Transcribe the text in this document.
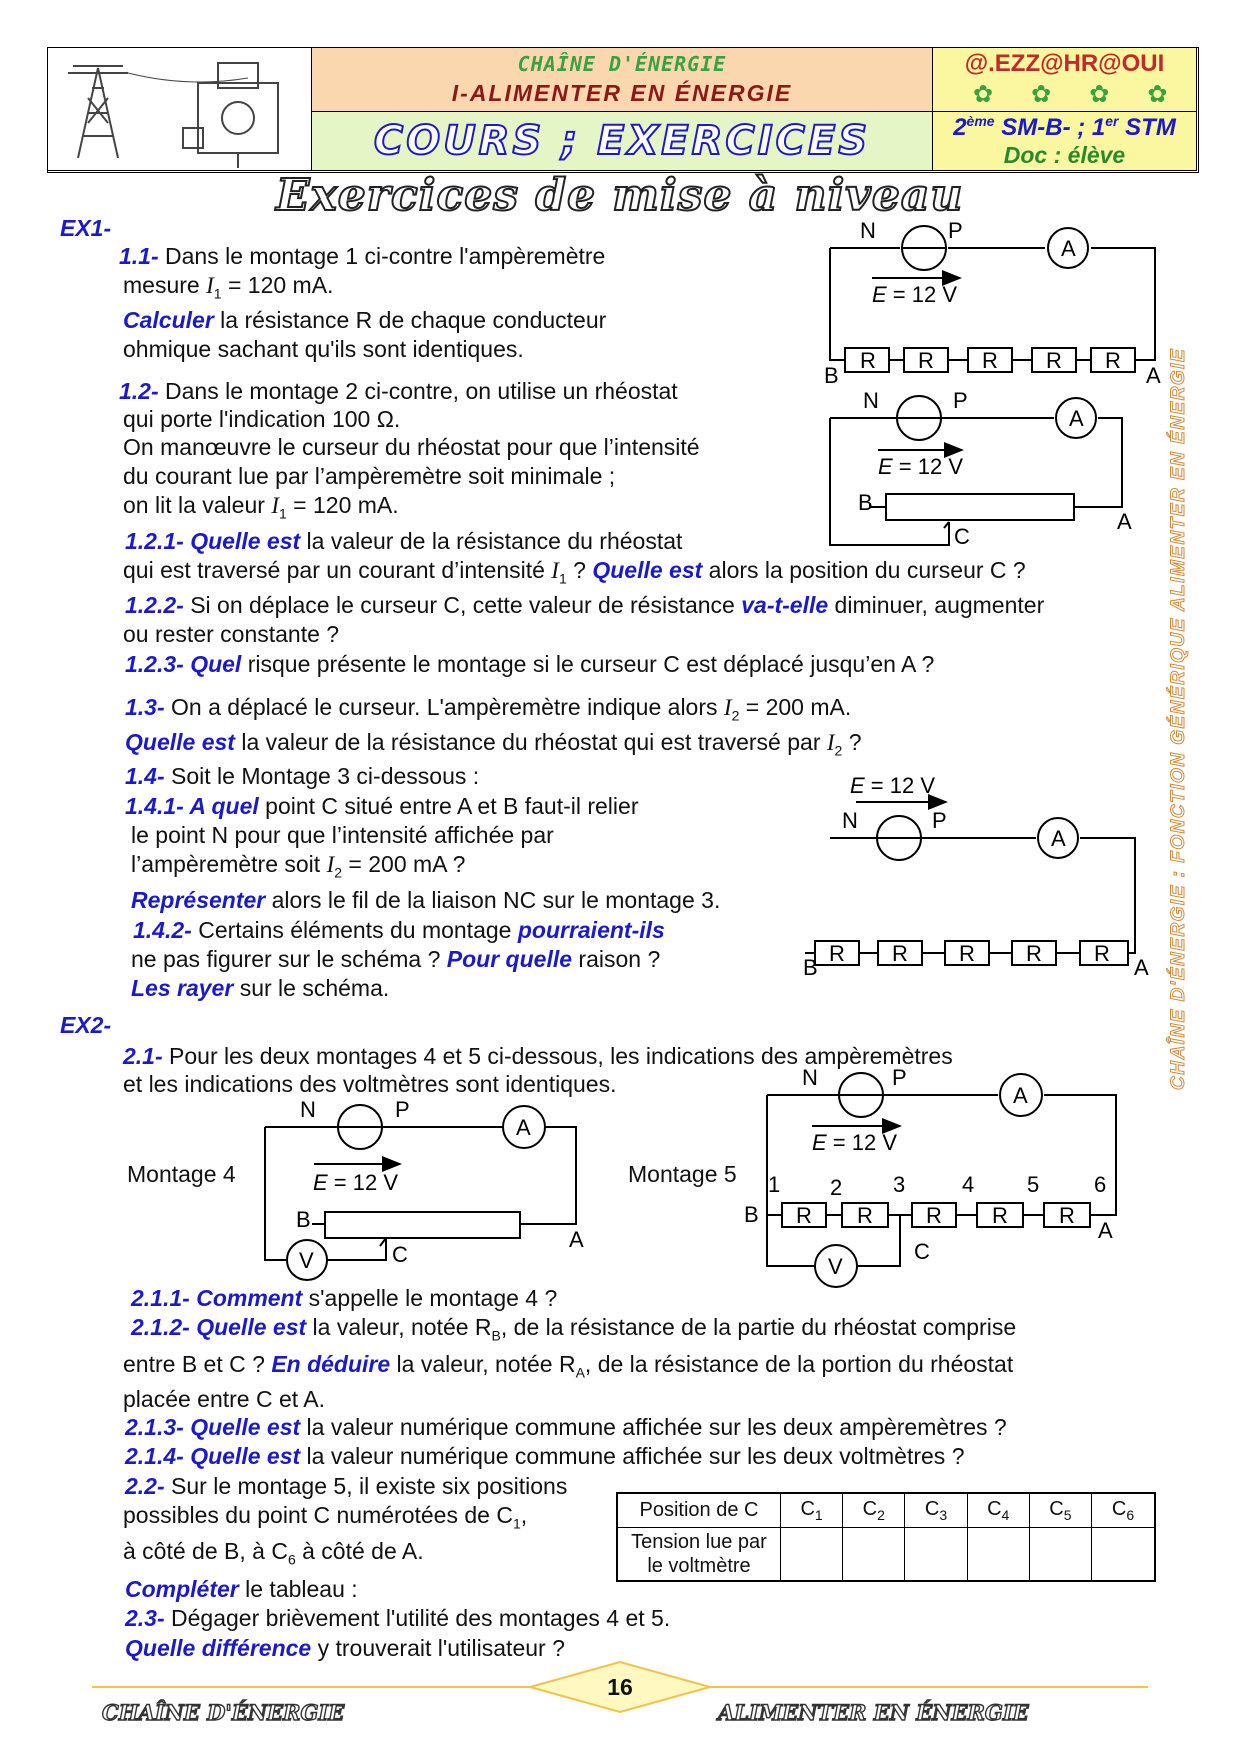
CHAÎNE D'ÉNERGIE
I-ALIMENTER EN ÉNERGIE
COURS ; EXERCICES
@.EZZ@HR@OUI
✿✿✿✿
2ème SM-B- ; 1er STM
Doc : élève
Exercices de mise à niveau
CHAÎNE D'ÉNERGIE : FONCTION GÉNÉRIQUE ALIMENTER EN ÉNERGIE
EX1-
1.1- Dans le montage 1 ci-contre l'ampèremètre
mesure $I_1 = 120$ mA.
Calculer la résistance R de chaque conducteur
ohmique sachant qu'ils sont identiques.
1.2- Dans le montage 2 ci-contre, on utilise un rhéostat
qui porte l'indication 100 Ω.
On manœuvre le curseur du rhéostat pour que l’intensité
du courant lue par l’ampèremètre soit minimale ;
on lit la valeur $I_1 = 120$ mA.
1.2.1- Quelle est la valeur de la résistance du rhéostat
qui est traversé par un courant d’intensité $I_1$ ? Quelle est alors la position du curseur C ?
1.2.2- Si on déplace le curseur C, cette valeur de résistance va-t-elle diminuer, augmenter
ou rester constante ?
1.2.3- Quel risque présente le montage si le curseur C est déplacé jusqu’en A ?
1.3- On a déplacé le curseur. L'ampèremètre indique alors $I_2 = 200$ mA.
Quelle est la valeur de la résistance du rhéostat qui est traversé par $I_2$ ?
1.4- Soit le Montage 3 ci-dessous :
1.4.1- A quel point C situé entre A et B faut-il relier
le point N pour que l’intensité affichée par
l’ampèremètre soit $I_2 = 200$ mA ?
Représenter alors le fil de la liaison NC sur le montage 3.
1.4.2- Certains éléments du montage pourraient-ils
ne pas figurer sur le schéma ? Pour quelle raison ?
Les rayer sur le schéma.
EX2-
2.1- Pour les deux montages 4 et 5 ci-dessous, les indications des ampèremètres
et les indications des voltmètres sont identiques.
Montage 4	Montage 5
2.1.1- Comment s'appelle le montage 4 ?
2.1.2- Quelle est la valeur, notée $R_B$, de la résistance de la partie du rhéostat comprise
entre B et C ? En déduire la valeur, notée $R_A$, de la résistance de la portion du rhéostat
placée entre C et A.
2.1.3- Quelle est la valeur numérique commune affichée sur les deux ampèremètres ?
2.1.4- Quelle est la valeur numérique commune affichée sur les deux voltmètres ?
2.2- Sur le montage 5, il existe six positions
possibles du point C numérotées de $C_1$,
à côté de B, à $C_6$ à côté de A.
Compléter le tableau :
2.3- Dégager brièvement l'utilité des montages 4 et 5.
Quelle différence y trouverait l'utilisateur ?
Position de C	$C_1$	$C_2$	$C_3$	$C_4$	$C_5$	$C_6$
Tension lue par
le voltmètre						
N	P
A
E = 12 V
B	A
R R R R R
N	P
A
E = 12 V
B
A
C
E = 12 V
N	P
A
B	A
R R R R R
N	P
A
E = 12 V
B
A
C
V
N	P
A
E = 12 V
1 2 3	4 5 6
B
A
C
V
R R R R R
CHAÎNE D'ÉNERGIE
16
ALIMENTER EN ÉNERGIE
